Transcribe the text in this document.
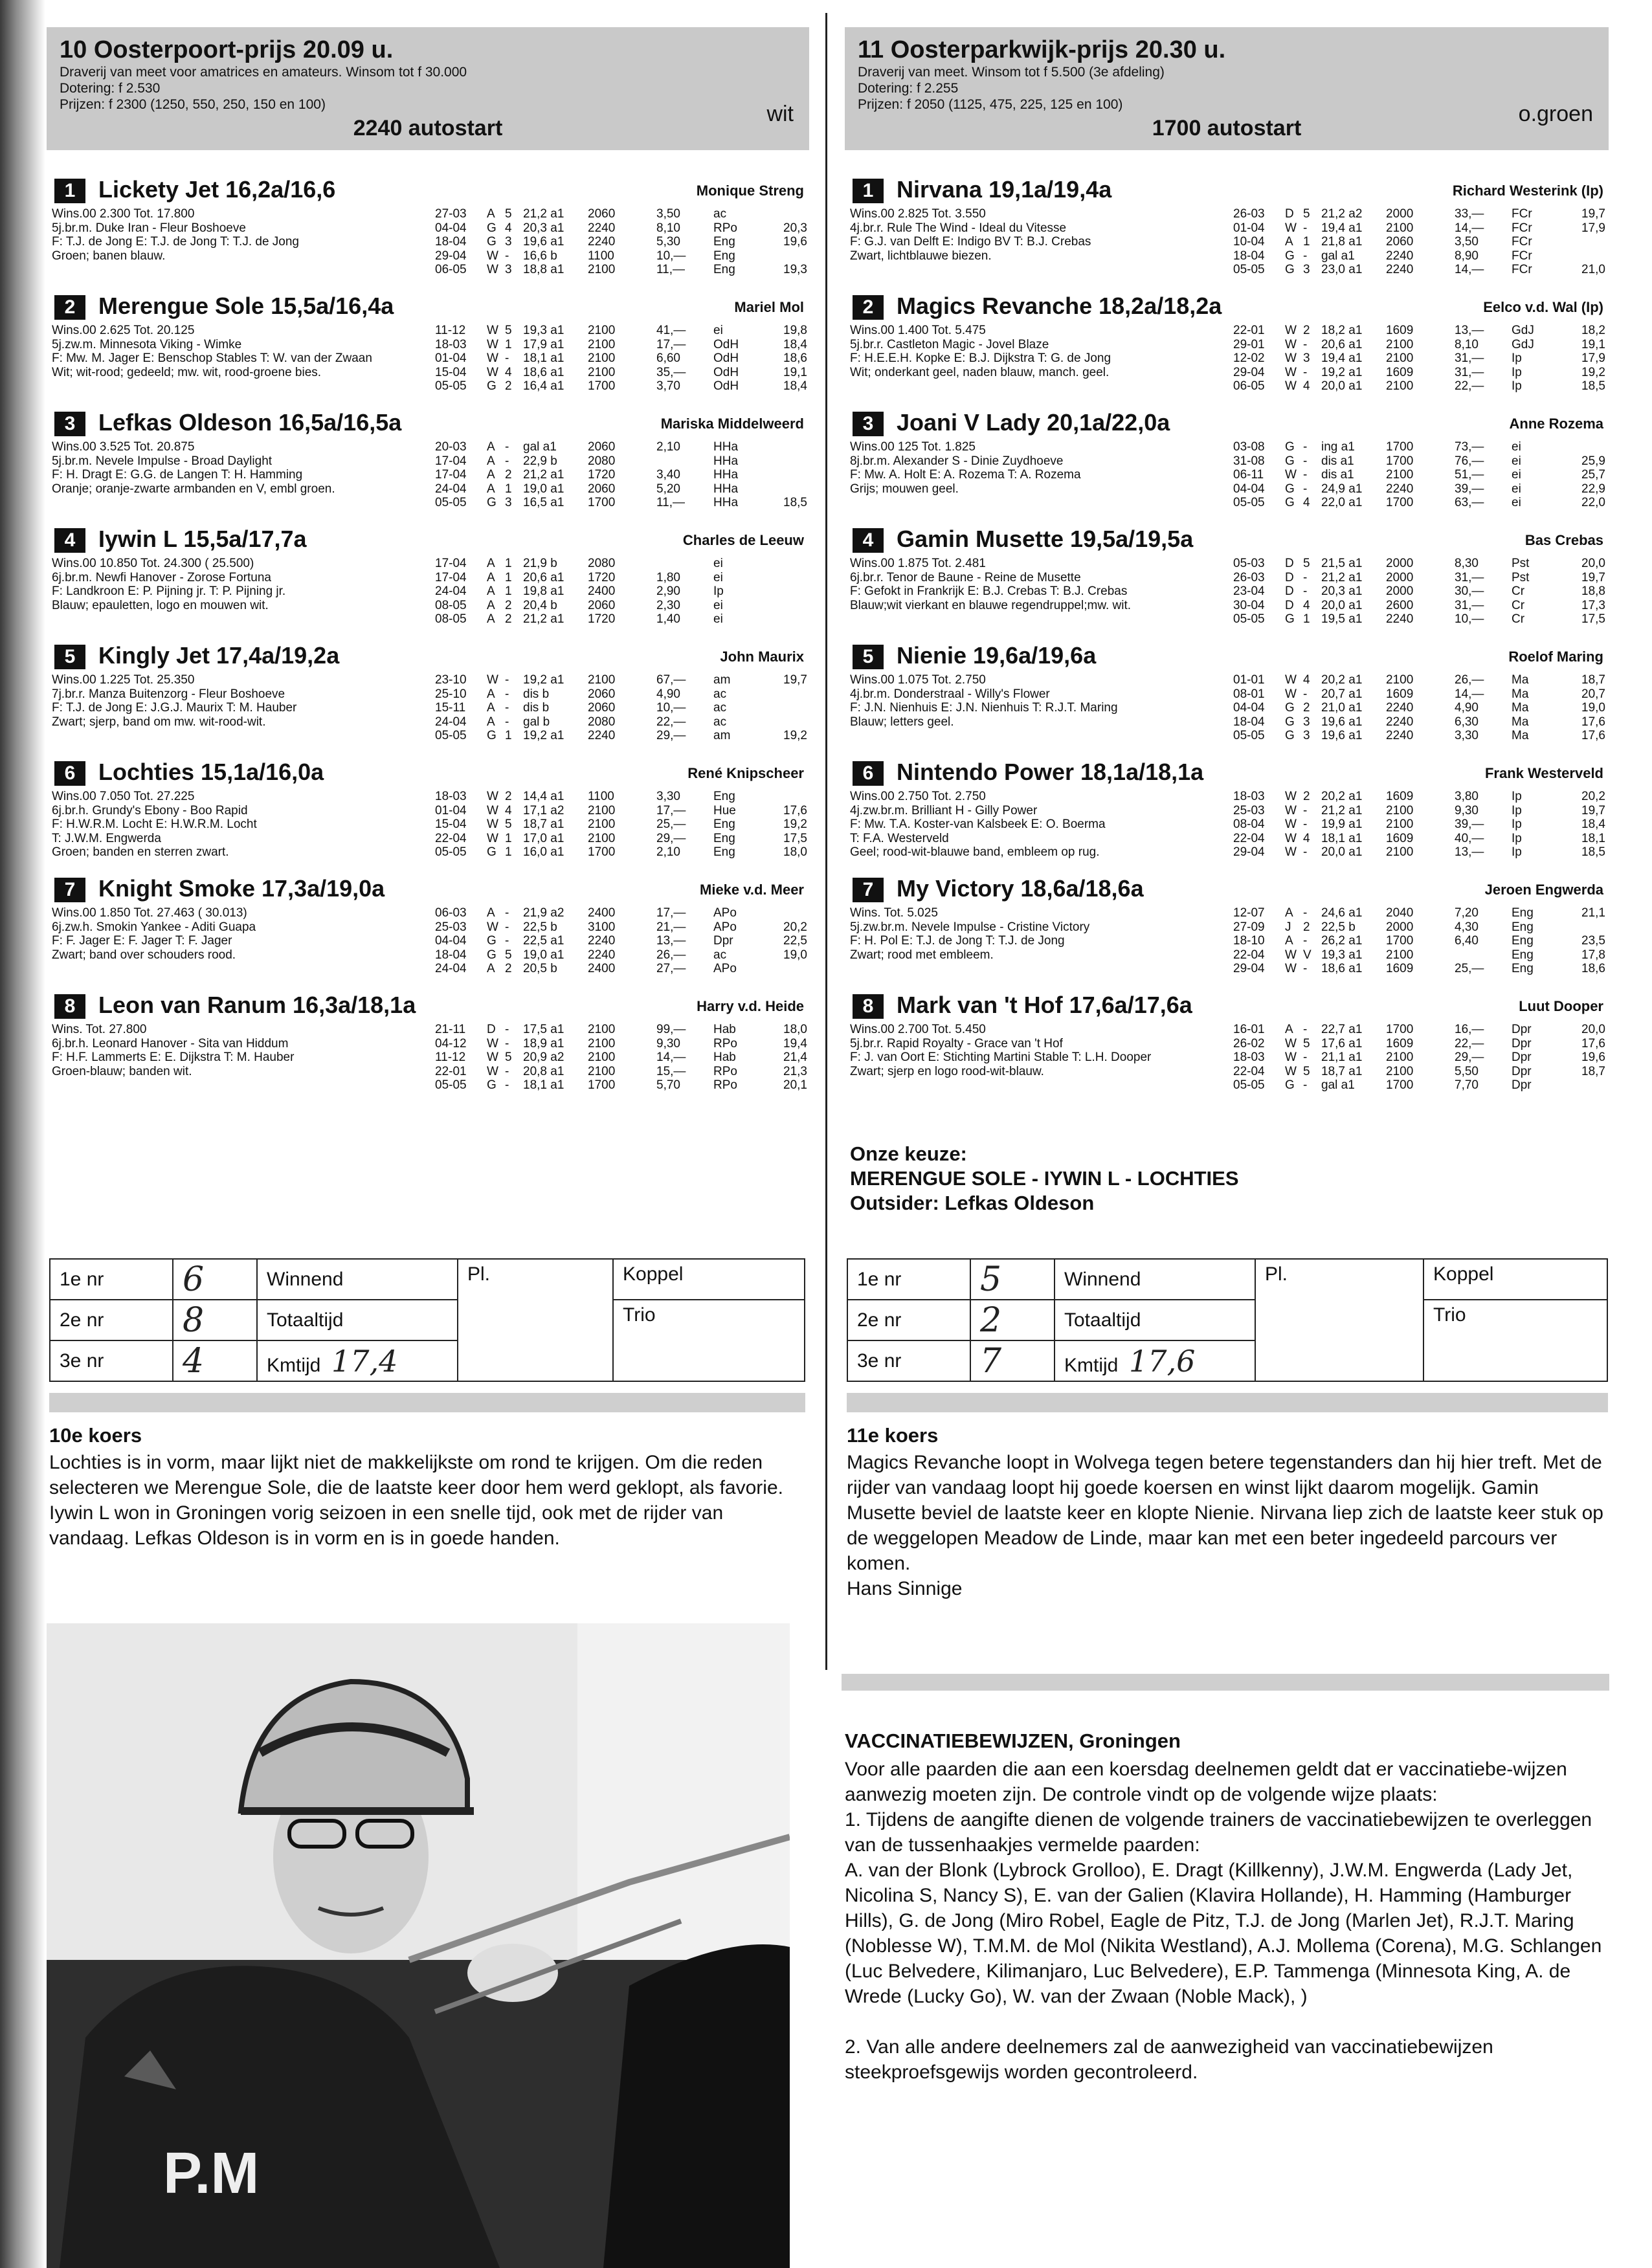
10 Oosterpoort-prijs 20.09 u.
Draverij van meet voor amatrices en amateurs. Winsom tot f 30.000
Dotering: f 2.530
Prijzen: f 2300 (1250, 550, 250, 150 en 100)	wit
2240 autostart
1 Lickety Jet 16,2a/16,6	Monique Streng
Wins.00 2.300 Tot. 17.800
5j.br.m. Duke Iran - Fleur Boshoeve
F: T.J. de Jong E: T.J. de Jong T: T.J. de Jong
Groen; banen blauw.
27-03	A 5 21,2 a1	2060	3,50	ac
04-04	G 4 20,3 a1	2240	8,10	RPo	20,3
18-04	G 3 19,6 a1	2240	5,30	Eng	19,6
29-04	W -	16,6 b	1100	10,—	Eng
06-05	W 3 18,8 a1	2100	11,—	Eng	19,3
2 Merengue Sole 15,5a/16,4a	Mariel Mol
Wins.00 2.625 Tot. 20.125
5j.zw.m. Minnesota Viking - Wimke
F: Mw. M. Jager E: Benschop Stables T: W. van der Zwaan
Wit; wit-rood; gedeeld; mw. wit, rood-groene bies.
11-12	W 5 19,3 a1	2100	41,—	ei	19,8
18-03	W 1 17,9 a1	2100	17,—	OdH	18,4
01-04	W -	18,1 a1	2100	6,60	OdH	18,6
15-04	W 4 18,6 a1	2100	35,—	OdH	19,1
05-05	G 2 16,4 a1	1700	3,70	OdH	18,4
3 Lefkas Oldeson 16,5a/16,5a	Mariska Middelweerd
Wins.00 3.525 Tot. 20.875
5j.br.m. Nevele Impulse - Broad Daylight
F: H. Dragt E: G.G. de Langen T: H. Hamming
Oranje; oranje-zwarte armbanden en V, embl groen.
20-03	A -	gal a1	2060	2,10	HHa
17-04	A -	22,9 b	2080	HHa
17-04	A 2 21,2 a1	1720	3,40	HHa
24-04	A 1 19,0 a1	2060	5,20	HHa
05-05	G 3 16,5 a1	1700	11,—	HHa	18,5
4 Iywin L 15,5a/17,7a	Charles de Leeuw
Wins.00 10.850 Tot. 24.300 ( 25.500)
6j.br.m. Newfi Hanover - Zorose Fortuna
F: Landkroon E: P. Pijning jr. T: P. Pijning jr.
Blauw; epauletten, logo en mouwen wit.
17-04	A 1 21,9 b	2080	ei
17-04	A 1 20,6 a1	1720	1,80	ei
24-04	A 1 19,8 a1	2400	2,90	Ip
08-05	A 2 20,4 b	2060	2,30	ei
08-05	A 2 21,2 a1	1720	1,40	ei
5 Kingly Jet 17,4a/19,2a	John Maurix
Wins.00 1.225 Tot. 25.350
7j.br.r. Manza Buitenzorg - Fleur Boshoeve
F: T.J. de Jong E: J.G.J. Maurix T: M. Hauber
Zwart; sjerp, band om mw. wit-rood-wit.
23-10	W -	19,2 a1	2100	67,—	am	19,7
25-10	A -	dis b	2060	4,90	ac
15-11	A -	dis b	2060	10,—	ac
24-04	A -	gal b	2080	22,—	ac
05-05	G 1 19,2 a1	2240	29,—	am	19,2
6 Lochties 15,1a/16,0a	René Knipscheer
Wins.00 7.050 Tot. 27.225
6j.br.h. Grundy's Ebony - Boo Rapid
F: H.W.R.M. Locht E: H.W.R.M. Locht
T: J.W.M. Engwerda
Groen; banden en sterren zwart.
18-03	W 2 14,4 a1	1100	3,30	Eng
01-04	W 4 17,1 a2	2100	17,—	Hue	17,6
15-04	W 5 18,7 a1	2100	25,—	Eng	19,2
22-04	W 1 17,0 a1	2100	29,—	Eng	17,5
05-05	G 1 16,0 a1	1700	2,10	Eng	18,0
7 Knight Smoke 17,3a/19,0a	Mieke v.d. Meer
Wins.00 1.850 Tot. 27.463 ( 30.013)
6j.zw.h. Smokin Yankee - Aditi Guapa
F: F. Jager E: F. Jager T: F. Jager
Zwart; band over schouders rood.
06-03	A -	21,9 a2	2400	17,—	APo
25-03	W -	22,5 b	3100	21,—	APo	20,2
04-04	G -	22,5 a1	2240	13,—	Dpr	22,5
18-04	G 5 19,0 a1	2240	26,—	ac	19,0
24-04	A 2 20,5 b	2400	27,—	APo
8 Leon van Ranum 16,3a/18,1a	Harry v.d. Heide
Wins. Tot. 27.800
6j.br.h. Leonard Hanover - Sita van Hiddum
F: H.F. Lammerts E: E. Dijkstra T: M. Hauber
Groen-blauw; banden wit.
21-11	D -	17,5 a1	2100	99,—	Hab	18,0
04-12	W -	18,9 a1	2100	9,30	RPo	19,4
11-12	W 5 20,9 a2	2100	14,—	Hab	21,4
22-01	W -	20,8 a1	2100	15,—	RPo	21,3
05-05	G -	18,1 a1	1700	5,70	RPo	20,1
11 Oosterparkwijk-prijs 20.30 u.
Draverij van meet. Winsom tot f 5.500 (3e afdeling)
Dotering: f 2.255
Prijzen: f 2050 (1125, 475, 225, 125 en 100)	o.groen
1700 autostart
1 Nirvana 19,1a/19,4a	Richard Westerink (Ip)
Wins.00 2.825 Tot. 3.550
4j.br.r. Rule The Wind - Ideal du Vitesse
F: G.J. van Delft E: Indigo BV T: B.J. Crebas
Zwart, lichtblauwe biezen.
26-03	D 5 21,2 a2	2000	33,—	FCr	19,7
01-04	W -	19,4 a1	2100	14,—	FCr	17,9
10-04	A 1 21,8 a1	2060	3,50	FCr
18-04	G -	gal a1	2240	8,90	FCr
05-05	G 3 23,0 a1	2240	14,—	FCr	21,0
2 Magics Revanche 18,2a/18,2a	Eelco v.d. Wal (Ip)
Wins.00 1.400 Tot. 5.475
5j.br.r. Castleton Magic - Jovel Blaze
F: H.E.E.H. Kopke E: B.J. Dijkstra T: G. de Jong
Wit; onderkant geel, naden blauw, manch. geel.
22-01	W 2 18,2 a1	1609	13,—	GdJ	18,2
29-01	W -	20,6 a1	2100	8,10	GdJ	19,1
12-02	W 3 19,4 a1	2100	31,—	Ip	17,9
29-04	W -	19,2 a1	1609	31,—	Ip	19,2
06-05	W 4 20,0 a1	2100	22,—	Ip	18,5
3 Joani V Lady 20,1a/22,0a	Anne Rozema
Wins.00 125 Tot. 1.825
8j.br.m. Alexander S - Dinie Zuydhoeve
F: Mw. A. Holt E: A. Rozema T: A. Rozema
Grijs; mouwen geel.
03-08	G -	ing a1	1700	73,—	ei
31-08	G -	dis a1	1700	76,—	ei	25,9
06-11	W -	dis a1	2100	51,—	ei	25,7
04-04	G -	24,9 a1	2240	39,—	ei	22,9
05-05	G 4 22,0 a1	1700	63,—	ei	22,0
4 Gamin Musette 19,5a/19,5a	Bas Crebas
Wins.00 1.875 Tot. 2.481
6j.br.r. Tenor de Baune - Reine de Musette
F: Gefokt in Frankrijk E: B.J. Crebas T: B.J. Crebas
Blauw;wit vierkant en blauwe regendruppel;mw. wit.
05-03	D 5 21,5 a1	2000	8,30	Pst	20,0
26-03	D -	21,2 a1	2000	31,—	Pst	19,7
23-04	D -	20,3 a1	2000	30,—	Cr	18,8
30-04	D 4 20,0 a1	2600	31,—	Cr	17,3
05-05	G 1 19,5 a1	2240	10,—	Cr	17,5
5 Nienie 19,6a/19,6a	Roelof Maring
Wins.00 1.075 Tot. 2.750
4j.br.m. Donderstraal - Willy's Flower
F: J.N. Nienhuis E: J.N. Nienhuis T: R.J.T. Maring
Blauw; letters geel.
01-01	W 4 20,2 a1	2100	26,—	Ma	18,7
08-01	W -	20,7 a1	1609	14,—	Ma	20,7
04-04	G 2 21,0 a1	2240	4,90	Ma	19,0
18-04	G 3 19,6 a1	2240	6,30	Ma	17,6
05-05	G 3 19,6 a1	2240	3,30	Ma	17,6
6 Nintendo Power 18,1a/18,1a	Frank Westerveld
Wins.00 2.750 Tot. 2.750
4j.zw.br.m. Brilliant H - Gilly Power
F: Mw. T.A. Koster-van Kalsbeek E: O. Boerma
T: F.A. Westerveld
Geel; rood-wit-blauwe band, embleem op rug.
18-03	W 2 20,2 a1	1609	3,80	Ip	20,2
25-03	W -	21,2 a1	2100	9,30	Ip	19,7
08-04	W -	19,9 a1	2100	39,—	Ip	18,4
22-04	W 4 18,1 a1	1609	40,—	Ip	18,1
29-04	W -	20,0 a1	2100	13,—	Ip	18,5
7 My Victory 18,6a/18,6a	Jeroen Engwerda
Wins. Tot. 5.025
5j.zw.br.m. Nevele Impulse - Cristine Victory
F: H. Pol E: T.J. de Jong T: T.J. de Jong
Zwart; rood met embleem.
12-07	A -	24,6 a1	2040	7,20	Eng	21,1
27-09	J 2 22,5 b	2000	4,30	Eng
18-10	A -	26,2 a1	1700	6,40	Eng	23,5
22-04	W V 19,3 a1	2100	Eng	17,8
29-04	W -	18,6 a1	1609	25,—	Eng	18,6
8 Mark van 't Hof 17,6a/17,6a	Luut Dooper
Wins.00 2.700 Tot. 5.450
5j.br.r. Rapid Royalty - Grace van 't Hof
F: J. van Oort E: Stichting Martini Stable T: L.H. Dooper
Zwart; sjerp en logo rood-wit-blauw.
16-01	A -	22,7 a1	1700	16,—	Dpr	20,0
26-02	W 5 17,6 a1	1609	22,—	Dpr	17,6
18-03	W -	21,1 a1	2100	29,—	Dpr	19,6
22-04	W 5 18,7 a1	2100	5,50	Dpr	18,7
05-05	G -	gal a1	1700	7,70	Dpr
Onze keuze:
MERENGUE SOLE - IYWIN L - LOCHTIES
Outsider: Lefkas Oldeson
1e nr	6	Winnend	Pl.	Koppel
2e nr	8	Totaaltijd		Trio
3e nr	4	Kmtijd 17,4		
1e nr	5	Winnend	Pl.	Koppel
2e nr	2	Totaaltijd		Trio
3e nr	7	Kmtijd 17,6		
10e koers
Lochties is in vorm, maar lijkt niet de makkelijkste om rond te krijgen. Om die reden selecteren we Merengue Sole, die de laatste keer door hem werd geklopt, als favorie. Iywin L won in Groningen vorig seizoen in een snelle tijd, ook met de rijder van vandaag. Lefkas Oldeson is in vorm en is in goede handen.
11e koers
Magics Revanche loopt in Wolvega tegen betere tegenstanders dan hij hier treft. Met de rijder van vandaag loopt hij goede koersen en winst lijkt daarom mogelijk. Gamin Musette beviel de laatste keer en klopte Nienie. Nirvana liep zich de laatste keer stuk op de weggelopen Meadow de Linde, maar kan met een beter ingedeeld parcours ver komen.
Hans Sinnige
P.M
VACCINATIEBEWIJZEN, Groningen
Voor alle paarden die aan een koersdag deelnemen geldt dat er vaccinatiebe-wijzen aanwezig moeten zijn. De controle vindt op de volgende wijze plaats:
1. Tijdens de aangifte dienen de volgende trainers de vaccinatiebewijzen te overleggen van de tussenhaakjes vermelde paarden:
A. van der Blonk (Lybrock Grolloo), E. Dragt (Killkenny), J.W.M. Engwerda (Lady Jet, Nicolina S, Nancy S), E. van der Galien (Klavira Hollande), H. Hamming (Hamburger Hills), G. de Jong (Miro Robel, Eagle de Pitz, T.J. de Jong (Marlen Jet), R.J.T. Maring (Noblesse W), T.M.M. de Mol (Nikita Westland), A.J. Mollema (Corena), M.G. Schlangen (Luc Belvedere, Kilimanjaro, Luc Belvedere), E.P. Tammenga (Minnesota King, A. de Wrede (Lucky Go), W. van der Zwaan (Noble Mack), )
2. Van alle andere deelnemers zal de aanwezigheid van vaccinatiebewijzen steekproefsgewijs worden gecontroleerd.
